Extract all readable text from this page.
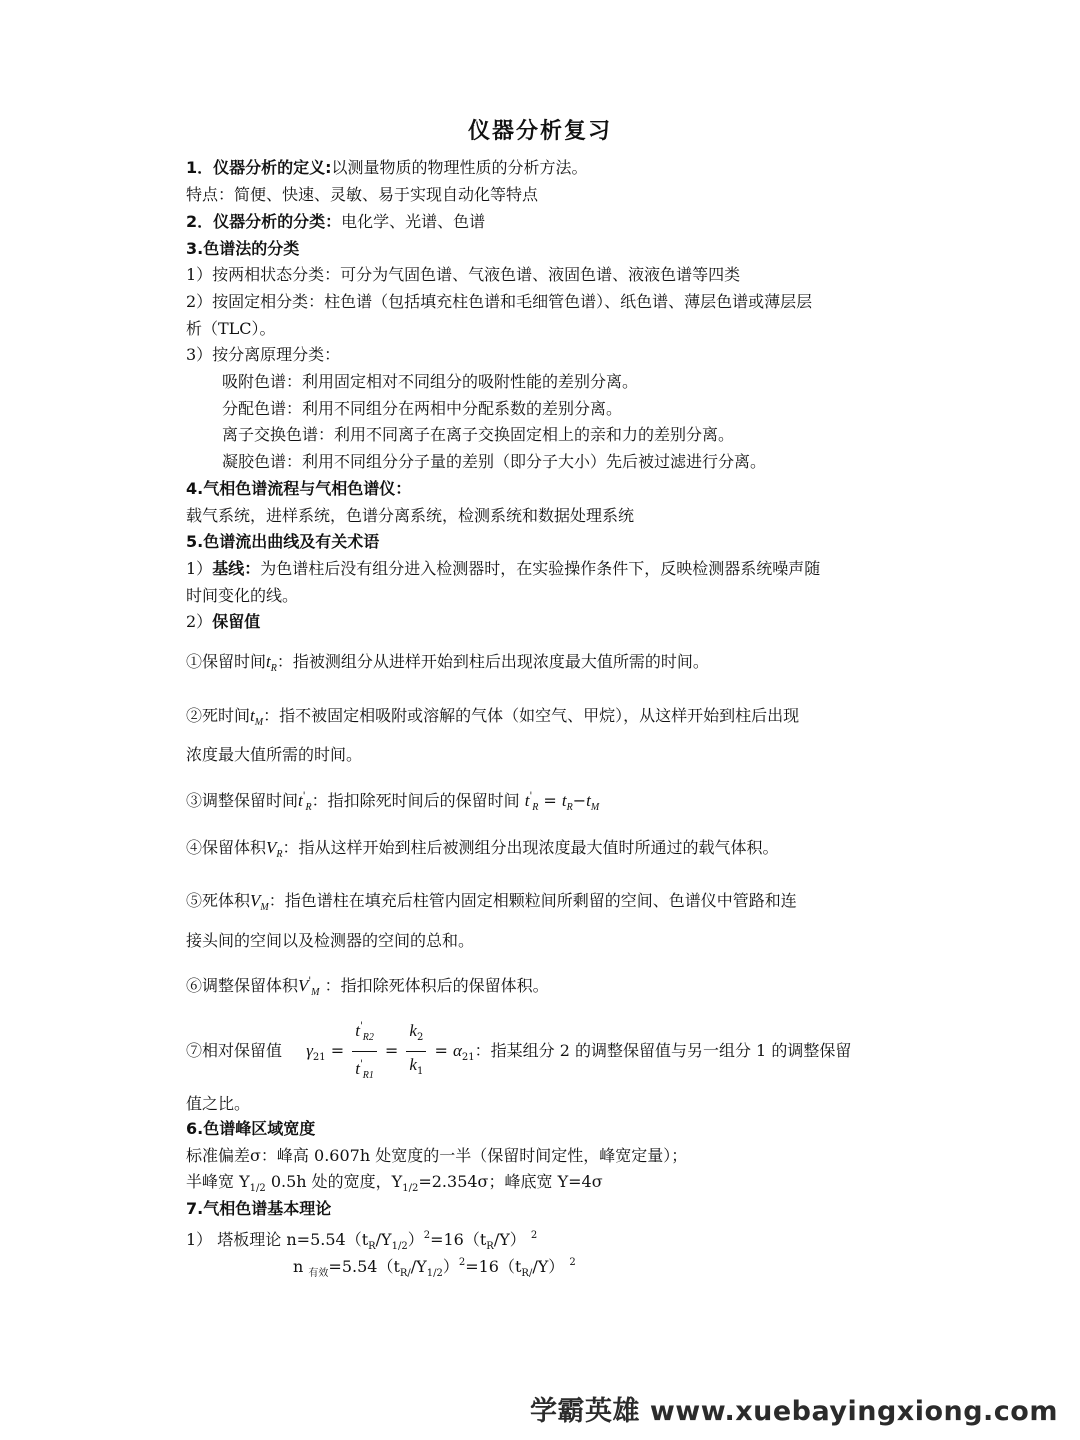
仪器分析复习
1．仪器分析的定义:以测量物质的物理性质的分析方法。
特点：简便、快速、灵敏、易于实现自动化等特点
2．仪器分析的分类：电化学、光谱、色谱
3.色谱法的分类
1）按两相状态分类：可分为气固色谱、气液色谱、液固色谱、液液色谱等四类
2）按固定相分类：柱色谱（包括填充柱色谱和毛细管色谱）、纸色谱、薄层色谱或薄层层
析（TLC）。
3）按分离原理分类：
吸附色谱：利用固定相对不同组分的吸附性能的差别分离。
分配色谱：利用不同组分在两相中分配系数的差别分离。
离子交换色谱：利用不同离子在离子交换固定相上的亲和力的差别分离。
凝胶色谱：利用不同组分分子量的差别（即分子大小）先后被过滤进行分离。
4.气相色谱流程与气相色谱仪：
载气系统，进样系统，色谱分离系统，检测系统和数据处理系统
5.色谱流出曲线及有关术语
1）基线：为色谱柱后没有组分进入检测器时，在实验操作条件下，反映检测器系统噪声随
时间变化的线。
2）保留值
①保留时间$t_R$：指被测组分从进样开始到柱后出现浓度最大值所需的时间。
②死时间$t_M$：指不被固定相吸附或溶解的气体（如空气、甲烷），从这样开始到柱后出现
浓度最大值所需的时间。
③调整保留时间$t'_R$：指扣除死时间后的保留时间 $t'_R = t_R-t_M$
④保留体积$V_R$：指从这样开始到柱后被测组分出现浓度最大值时所通过的载气体积。
⑤死体积$V_M$：指色谱柱在填充后柱管内固定相颗粒间所剩留的空间、色谱仪中管路和连
接头间的空间以及检测器的空间的总和。
⑥调整保留体积$V'_M$ ：指扣除死体积后的保留体积。
⑦相对保留值 $\gamma_{21} = \frac{t'_{R2}}{t'_{R1}} = \frac{k_2}{k_1} = \alpha_{21}$：指某组分 2 的调整保留值与另一组分 1 的调整保留
值之比。
6.色谱峰区域宽度
标准偏差σ：峰高 0.607h 处宽度的一半（保留时间定性，峰宽定量）；
半峰宽 $Y_{1/2}$ 0.5h 处的宽度，$Y_{1/2}=2.354\sigma$；峰底宽 Y=4σ
7.气相色谱基本理论
1） 塔板理论 $n=5.54(t_R/Y_{1/2})^2=16(t_R/Y)$ $^2$
n $_{有效}=5.54(t_{R/}/Y_{1/2})^2=16(t_{R/}/Y)$ $^2$
学霸英雄 www.xuebayingxiong.com
